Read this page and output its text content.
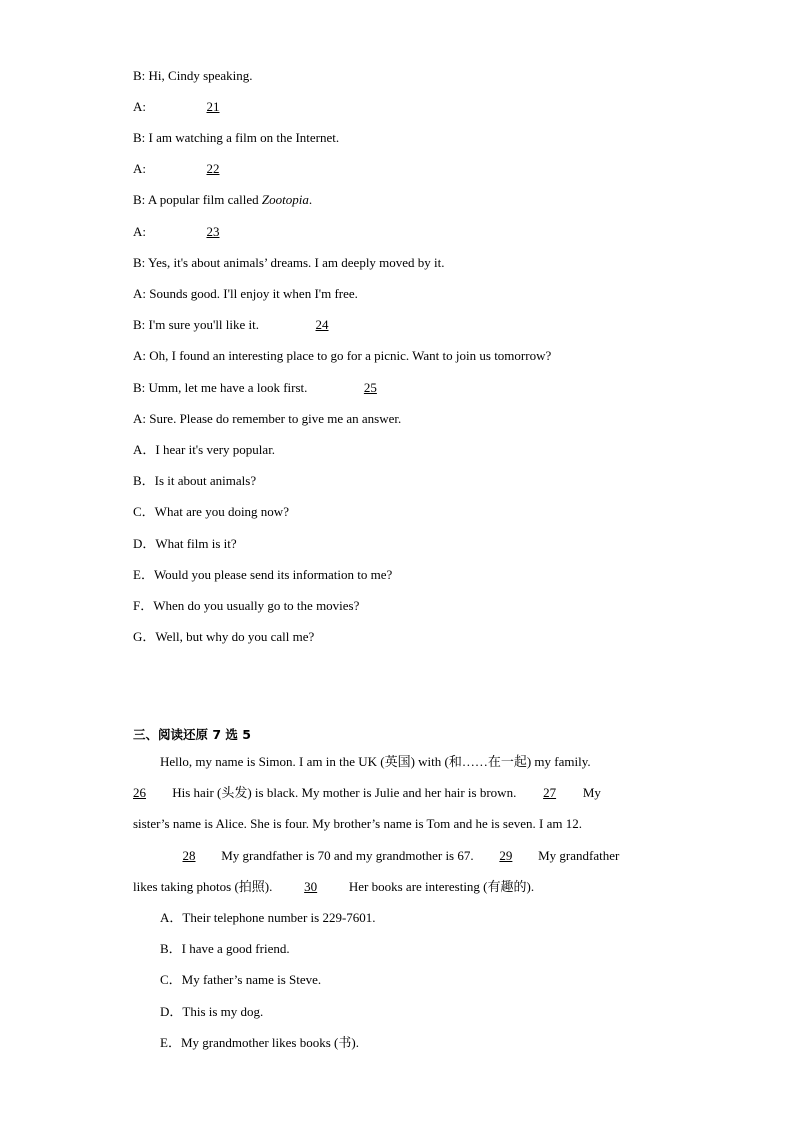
B: Hi, Cindy speaking.
A:	21
B: I am watching a film on the Internet.
A:	22
B: A popular film called Zootopia.
A:	23
B: Yes, it's about animals’ dreams. I am deeply moved by it.
A: Sounds good. I'll enjoy it when I'm free.
B: I'm sure you'll like it.	24
A: Oh, I found an interesting place to go for a picnic. Want to join us tomorrow?
B: Umm, let me have a look first.	25
A: Sure. Please do remember to give me an answer.
A．I hear it's very popular.
B．Is it about animals?
C．What are you doing now?
D．What film is it?
E．Would you please send its information to me?
F．When do you usually go to the movies?
G．Well, but why do you call me?
三、阅读还原 7 选 5
Hello, my name is Simon. I am in the UK (英国) with (和……在一起) my family.
26 His hair (头发) is black. My mother is Julie and her hair is brown. 27 My
sister’s name is Alice. She is four. My brother’s name is Tom and he is seven. I am 12.
28 My grandfather is 70 and my grandmother is 67. 29 My grandfather
likes taking photos (拍照). 30 Her books are interesting (有趣的).
A．Their telephone number is 229-7601.
B．I have a good friend.
C．My father’s name is Steve.
D．This is my dog.
E．My grandmother likes books (书).
